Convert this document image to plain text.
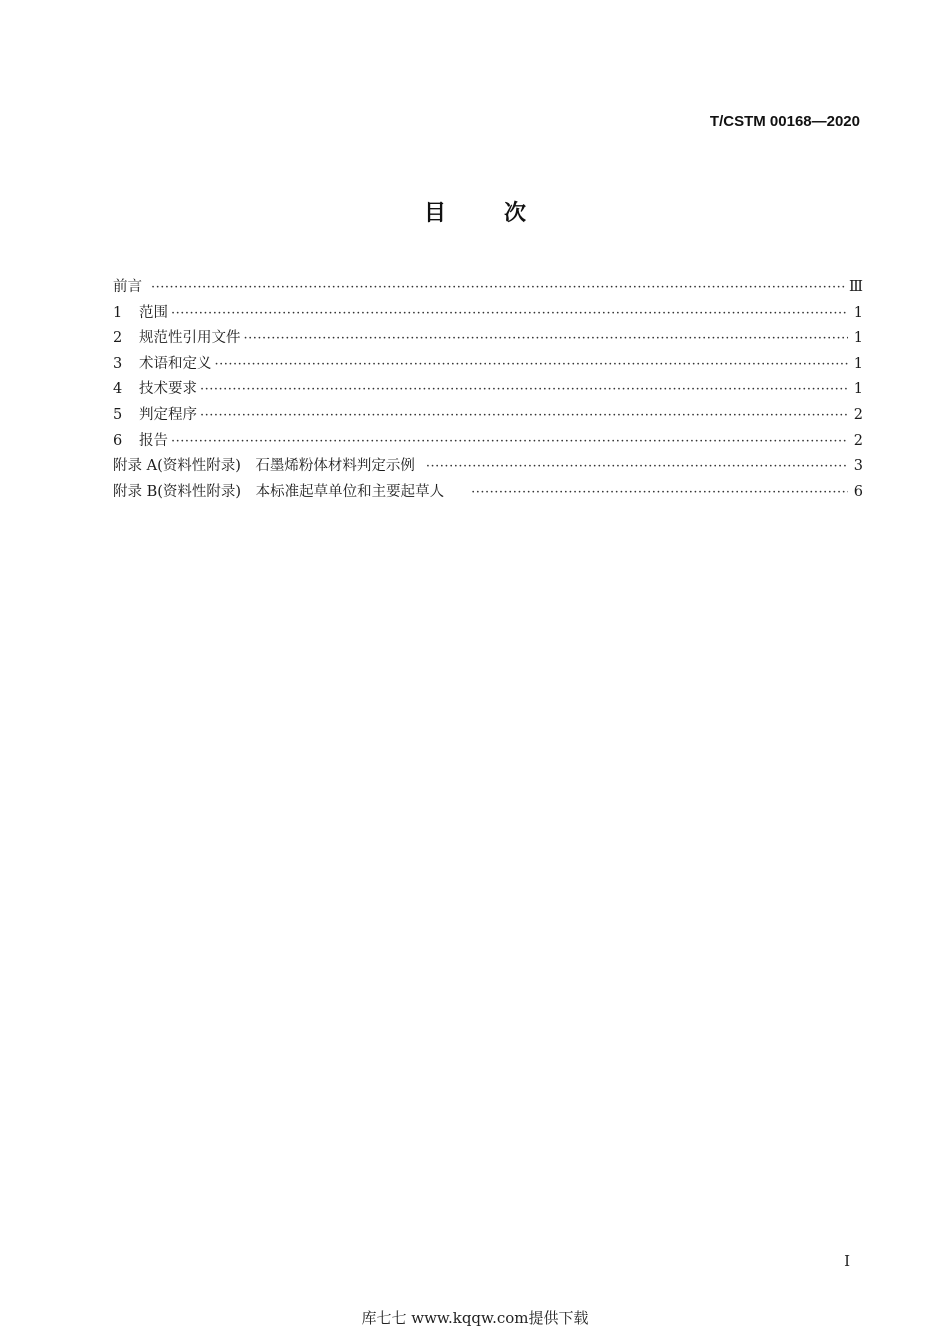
T/CSTM 00168—2020
目次
前言 ·····	Ⅲ
1	范围 ·····	1
2	规范性引用文件 ·····	1
3	术语和定义 ·····	1
4	技术要求 ·····	1
5	判定程序 ·····	2
6	报告 ·····	2
附录 A(资料性附录)　石墨烯粉体材料判定示例 ·····	3
附录 B(资料性附录)　本标准起草单位和主要起草人 ·····	6
Ⅰ
库七七 www.kqqw.com提供下载
